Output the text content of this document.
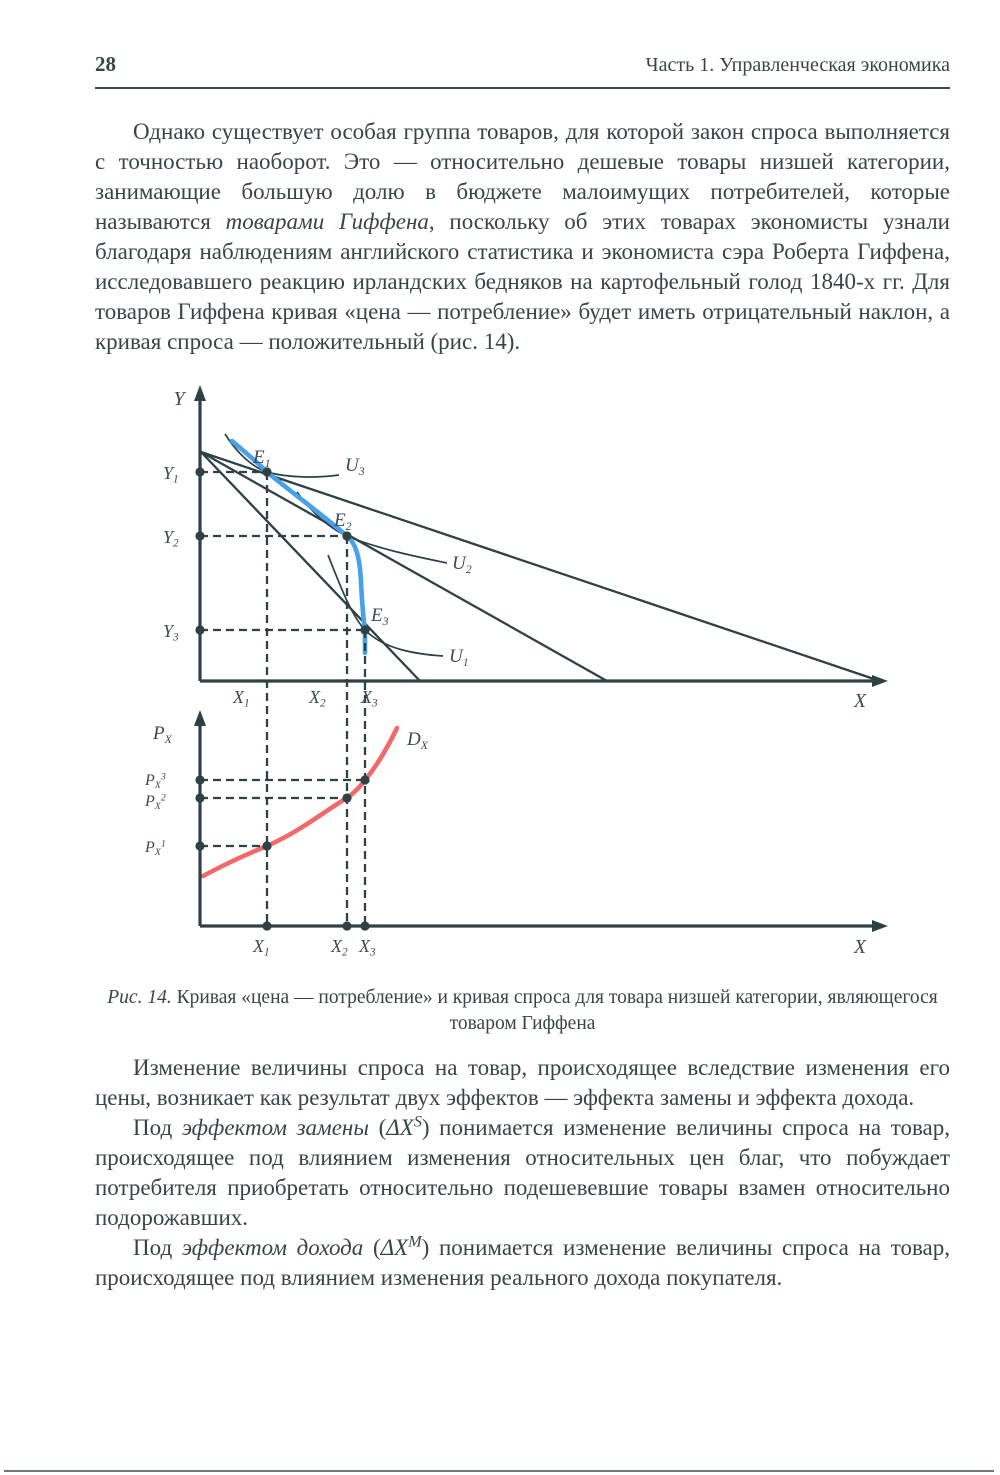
28	Часть 1. Управленческая экономика

Однако существует особая группа товаров, для которой закон спроса выполняется с точностью наоборот. Это — относительно дешевые товары низшей категории, занимающие большую долю в бюджете малоимущих потребителей, которые называются товарами Гиффена, поскольку об этих товарах экономисты узнали благодаря наблюдениям английского статистика и экономиста сэра Роберта Гиффена, исследовавшего реакцию ирландских бедняков на картофельный голод 1840-х гг. Для товаров Гиффена кривая «цена — потребление» будет иметь отрицательный наклон, а кривая спроса — положительный (рис. 14).

Y
X
$E_1$
$E_2$
$E_3$
$U_3$
$U_2$
$U_1$
$Y_1$
$Y_2$
$Y_3$
$X_1$	$X_2$ $X_3$
$P_X$
$P_X^3$
$P_X^2$
$P_X^1$
$D_X$
X
$X_1$	$X_2$ $X_3$
Рис. 14. Кривая «цена — потребление» и кривая спроса для товара низшей категории, являющегося товаром Гиффена

Изменение величины спроса на товар, происходящее вследствие изменения его цены, возникает как результат двух эффектов — эффекта замены и эффекта дохода.

Под эффектом замены $(\Delta X^S)$ понимается изменение величины спроса на товар, происходящее под влиянием изменения относительных цен благ, что побуждает потребителя приобретать относительно подешевевшие товары взамен относительно подорожавших.

Под эффектом дохода $(\Delta X^M)$ понимается изменение величины спроса на товар, происходящее под влиянием изменения реального дохода покупателя.
